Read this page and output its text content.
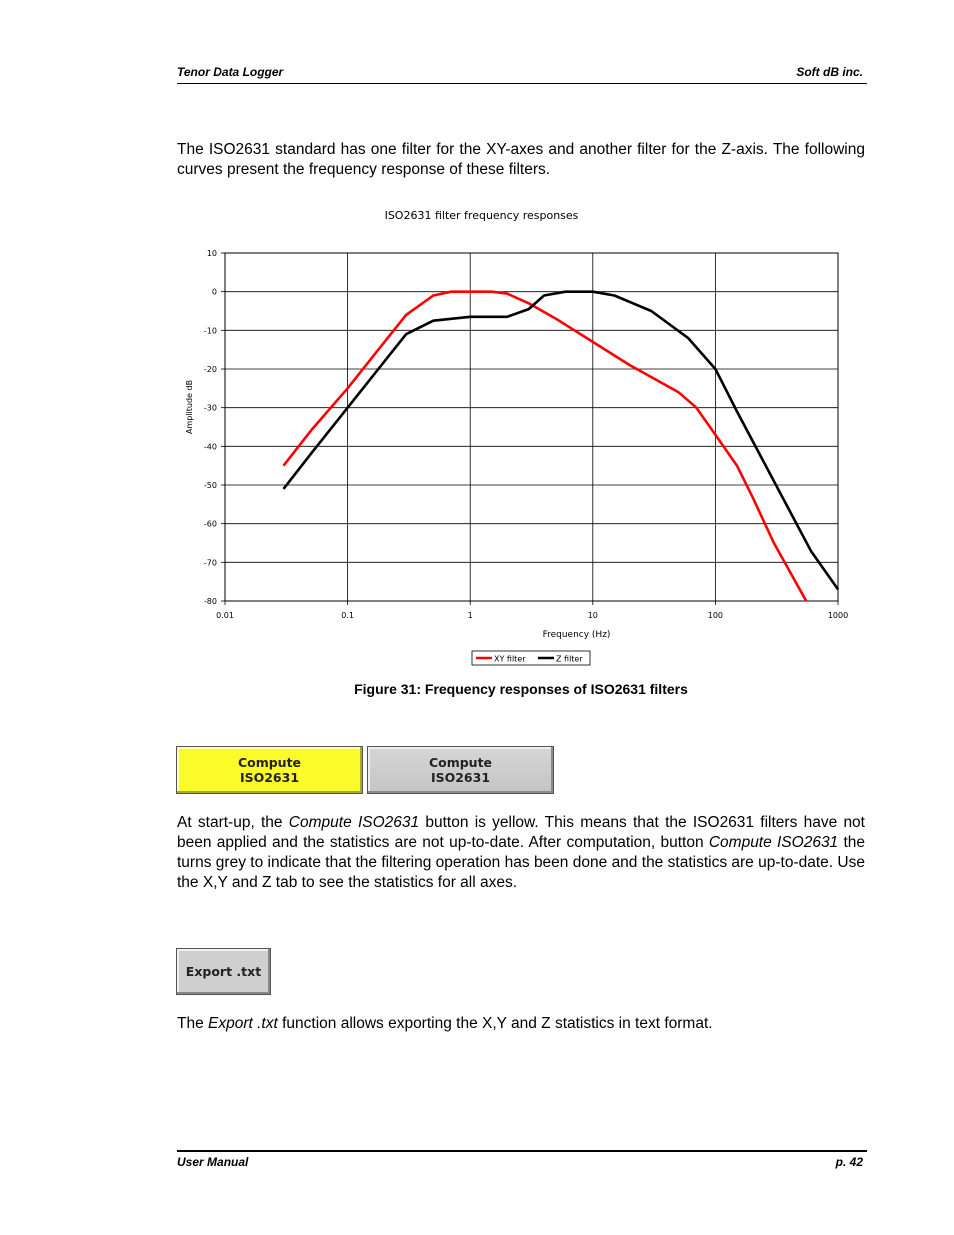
Tenor Data Logger	Soft dB inc.

The ISO2631 standard has one filter for the XY-axes and another filter for the Z-axis. The following curves present the frequency response of these filters.

ISO2631 filter frequency responses
10
0
-10
-20
-30
-40
-50
-60
-70
-80
0.01	0.1	1	10	100	1000
Frequency (Hz)
Amplitude dB
XY filter	Z filter
Figure 31: Frequency responses of ISO2631 filters
Compute
ISO2631
Compute
ISO2631

At start-up, the Compute ISO2631 button is yellow. This means that the ISO2631 filters have not been applied and the statistics are not up-to-date. After computation, button Compute ISO2631 the turns grey to indicate that the filtering operation has been done and the statistics are up-to-date. Use the X,Y and Z tab to see the statistics for all axes.

Export .txt

The Export .txt function allows exporting the X,Y and Z statistics in text format.

User Manual	p. 42
